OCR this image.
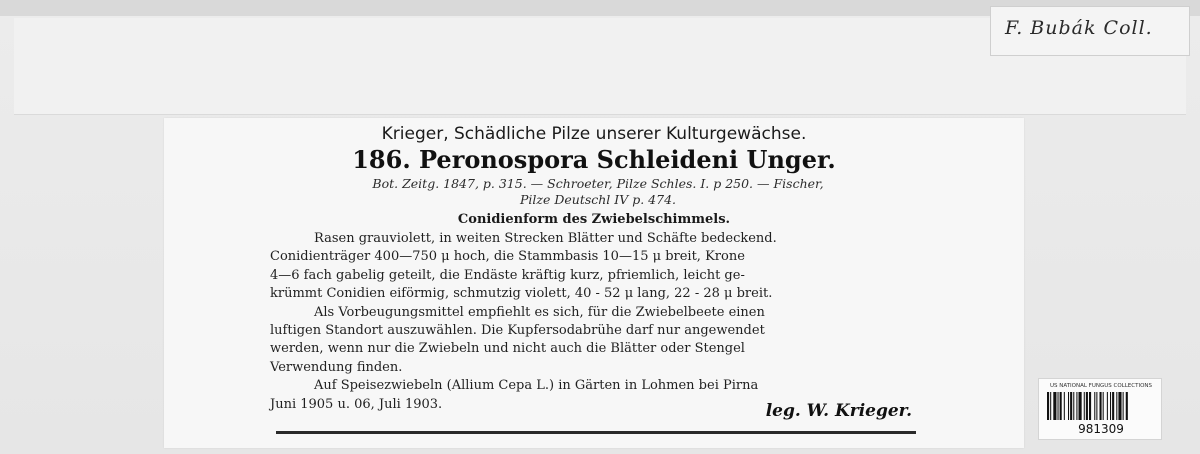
F. Bubák Coll.
Krieger, Schädliche Pilze unserer Kulturgewächse.
186. Peronospora Schleideni Unger.
Bot. Zeitg. 1847, p. 315. — Schroeter, Pilze Schles. I. p 250. — Fischer,
Pilze Deutschl IV p. 474.
Conidienform des Zwiebelschimmels.
Rasen grauviolett, in weiten Strecken Blätter und Schäfte bedeckend.
Conidienträger 400—750 μ hoch, die Stammbasis 10—15 μ breit, Krone
4—6 fach gabelig geteilt, die Endäste kräftig kurz, pfriemlich, leicht ge-
krümmt Conidien eiförmig, schmutzig violett, 40 - 52 μ lang, 22 - 28 μ breit.
Als Vorbeugungsmittel empfiehlt es sich, für die Zwiebelbeete einen
luftigen Standort auszuwählen. Die Kupfersodabrühe darf nur angewendet
werden, wenn nur die Zwiebeln und nicht auch die Blätter oder Stengel
Verwendung finden.
Auf Speisezwiebeln (Allium Cepa L.) in Gärten in Lohmen bei Pirna
Juni 1905 u. 06, Juli 1903.	leg. W. Krieger.
US NATIONAL FUNGUS COLLECTIONS
981309
